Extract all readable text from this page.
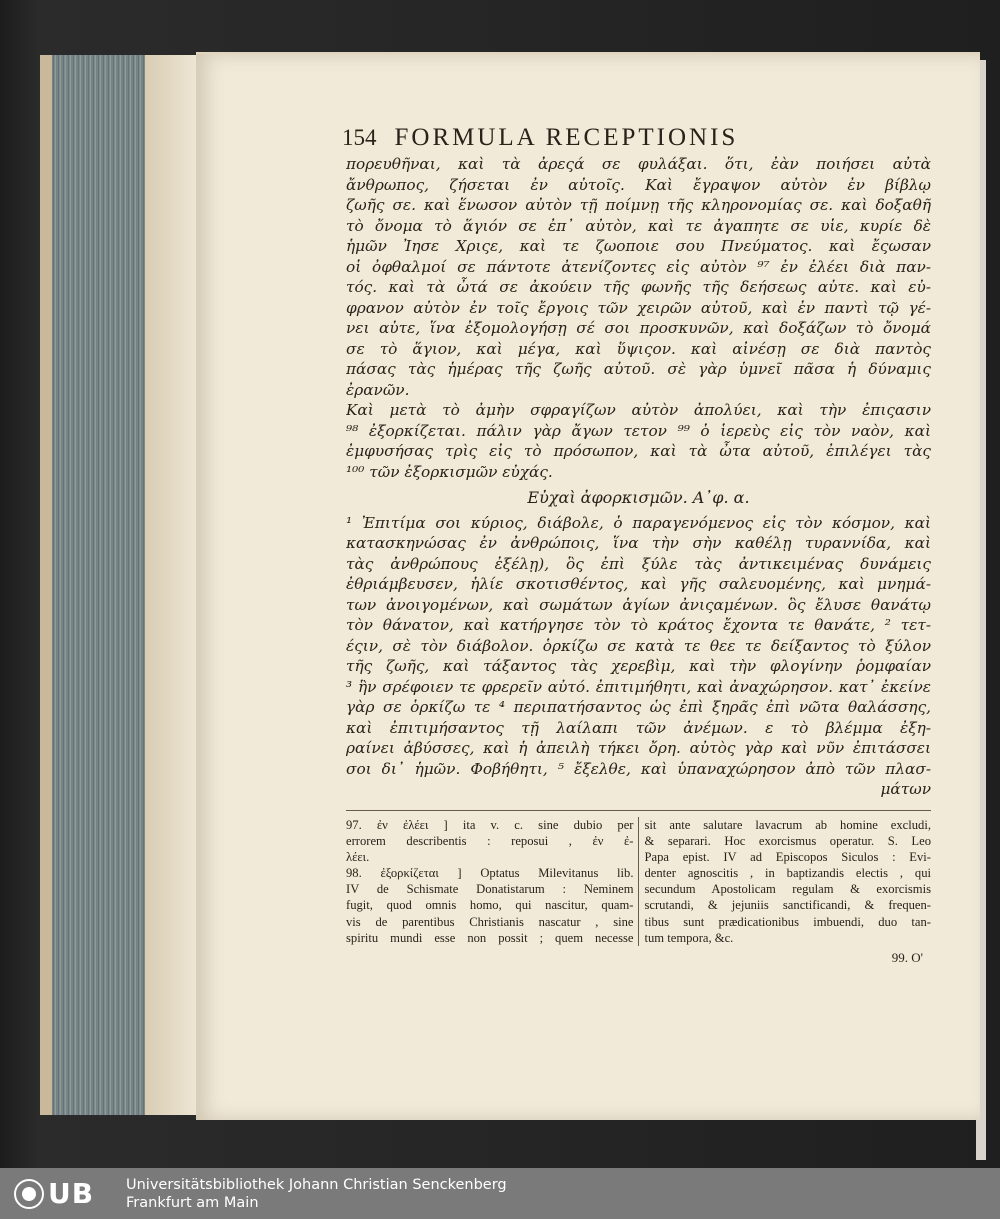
154 FORMULA RECEPTIONIS
πορευθῆναι, καὶ τὰ ἀρεςά σε φυλάξαι. ὅτι, ἐὰν ποιήσει αὐτὰ
ἄνθρωπος, ζήσεται ἐν αὐτοῖς. Καὶ ἔγραψον αὐτὸν ἐν βίβλῳ
ζωῆς σε. καὶ ἕνωσον αὐτὸν τῇ ποίμνῃ τῆς κληρονομίας σε. καὶ δοξαθῆ
τὸ ὄνομα τὸ ἅγιόν σε ἐπ᾽ αὐτὸν, καὶ τε ἀγαπητε σε υἱε, κυρίε δὲ
ἡμῶν Ἰησε Χριςε, καὶ τε ζωοποιε σου Πνεύματος. καὶ ἔςωσαν
οἱ ὀφθαλμοί σε πάντοτε ἀτενίζοντες εἰς αὐτὸν ⁹⁷ ἐν ἐλέει διὰ παν-
τός. καὶ τὰ ὦτά σε ἀκούειν τῆς φωνῆς τῆς δεήσεως αὐτε. καὶ εὐ-
φρανον αὐτὸν ἐν τοῖς ἔργοις τῶν χειρῶν αὐτοῦ, καὶ ἐν παντὶ τῷ γέ-
νει αὐτε, ἵνα ἐξομολογήσῃ σέ σοι προσκυνῶν, καὶ δοξάζων τὸ ὄνομά
σε τὸ ἅγιον, καὶ μέγα, καὶ ὕψιςον. καὶ αἰνέσῃ σε διὰ παντὸς
πάσας τὰς ἡμέρας τῆς ζωῆς αὐτοῦ. σὲ γὰρ ὑμνεῖ πᾶσα ἡ δύναμις
ἐρανῶν.
Καὶ μετὰ τὸ ἀμὴν σφραγίζων αὐτὸν ἀπολύει, καὶ τὴν ἐπιςασιν
⁹⁸ ἐξορκίζεται. πάλιν γὰρ ἄγων τετον ⁹⁹ ὁ ἱερεὺς εἰς τὸν ναὸν, καὶ
ἐμφυσήσας τρὶς εἰς τὸ πρόσωπον, καὶ τὰ ὦτα αὐτοῦ, ἐπιλέγει τὰς
¹⁰⁰ τῶν ἐξορκισμῶν εὐχάς.
Εὐχαὶ ἀφορκισμῶν. Α᾽φ. α.
¹ Ἐπιτίμα σοι κύριος, διάβολε, ὁ παραγενόμενος εἰς τὸν κόσμον, καὶ
κατασκηνώσας ἐν ἀνθρώποις, ἵνα τὴν σὴν καθέλῃ τυραννίδα, καὶ
τὰς ἀνθρώπους ἐξέλῃ), ὃς ἐπὶ ξύλε τὰς ἀντικειμένας δυνάμεις
ἐθριάμβευσεν, ἡλίε σκοτισθέντος, καὶ γῆς σαλευομένης, καὶ μνημά-
των ἀνοιγομένων, καὶ σωμάτων ἁγίων ἀνιςαμένων. ὃς ἔλυσε θανάτῳ
τὸν θάνατον, καὶ κατήργησε τὸν τὸ κράτος ἔχοντα τε θανάτε, ² τετ-
έςιν, σὲ τὸν διάβολον. ὁρκίζω σε κατὰ τε θεε τε δείξαντος τὸ ξύλον
τῆς ζωῆς, καὶ τάξαντος τὰς χερεβὶμ, καὶ τὴν φλογίνην ῥομφαίαν
³ ἣν σρέφοιεν τε φρερεῖν αὐτό. ἐπιτιμήθητι, καὶ ἀναχώρησον. κατ᾽ ἐκείνε
γὰρ σε ὁρκίζω τε ⁴ περιπατήσαντος ὡς ἐπὶ ξηρᾶς ἐπὶ νῶτα θαλάσσης,
καὶ ἐπιτιμήσαντος τῇ λαίλαπι τῶν ἀνέμων. ε τὸ βλέμμα ἐξη-
ραίνει ἀβύσσες, καὶ ἡ ἀπειλὴ τήκει ὄρη. αὐτὸς γὰρ καὶ νῦν ἐπιτάσσει
σοι δι᾽ ἡμῶν. Φοβήθητι, ⁵ ἔξελθε, καὶ ὑπαναχώρησον ἀπὸ τῶν πλασ-
μάτων
97. ἐν ἐλέει ] ita v. c. sine dubio per
errorem describentis : reposui , ἐν ἐ-
λέει.
98. ἐξορκίζεται ] Optatus Milevitanus lib.
IV de Schismate Donatistarum : Neminem
fugit, quod omnis homo, qui nascitur, quam-
vis de parentibus Christianis nascatur , sine
spiritu mundi esse non possit ; quem necesse
sit ante salutare lavacrum ab homine excludi,
& separari. Hoc exorcismus operatur. S. Leo
Papa epist. IV ad Episcopos Siculos : Evi-
denter agnoscitis , in baptizandis electis , qui
secundum Apostolicam regulam & exorcismis
scrutandi, & jejuniis sanctificandi, & frequen-
tibus sunt prædicationibus imbuendi, duo tan-
tum tempora, &c.
99. Ο'
UB Universitätsbibliothek Johann Christian Senckenberg
Frankfurt am Main
